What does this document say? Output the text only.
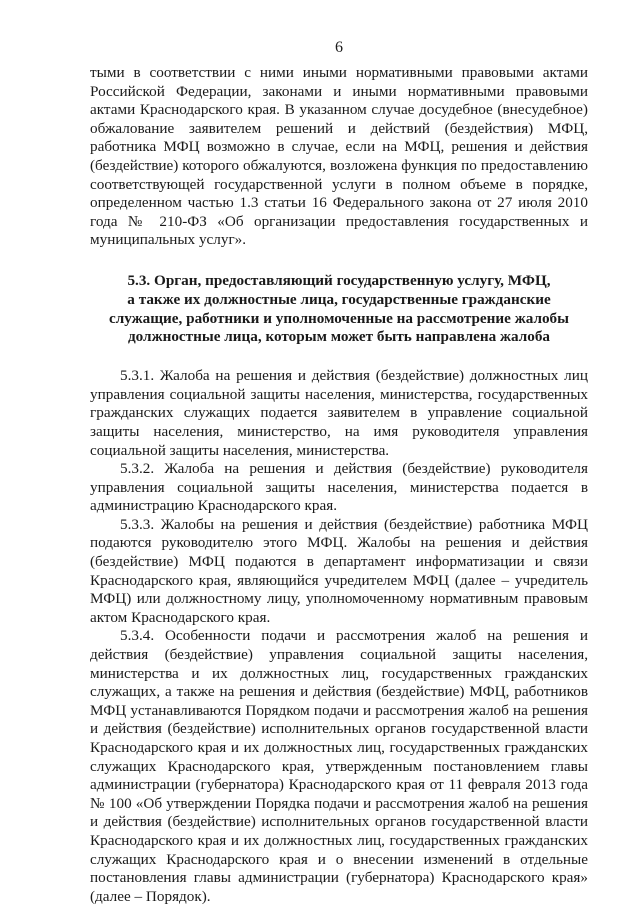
6

тыми в соответствии с ними иными нормативными правовыми актами Российской Федерации, законами и иными нормативными правовыми актами Краснодарского края. В указанном случае досудебное (внесудебное) обжалование заявителем решений и действий (бездействия) МФЦ, работника МФЦ возможно в случае, если на МФЦ, решения и действия (бездействие) которого обжалуются, возложена функция по предоставлению соответствующей государственной услуги в полном объеме в порядке, определенном частью 1.3 статьи 16 Федерального закона от 27 июля 2010 года № 210-ФЗ «Об организации предоставления государственных и муниципальных услуг».

5.3. Орган, предоставляющий государственную услугу, МФЦ,
а также их должностные лица, государственные гражданские
служащие, работники и уполномоченные на рассмотрение жалобы
должностные лица, которым может быть направлена жалоба

5.3.1. Жалоба на решения и действия (бездействие) должностных лиц управления социальной защиты населения, министерства, государственных гражданских служащих подается заявителем в управление социальной защиты населения, министерство, на имя руководителя управления социальной защиты населения, министерства.

5.3.2. Жалоба на решения и действия (бездействие) руководителя управления социальной защиты населения, министерства подается в администрацию Краснодарского края.

5.3.3. Жалобы на решения и действия (бездействие) работника МФЦ подаются руководителю этого МФЦ. Жалобы на решения и действия (бездействие) МФЦ подаются в департамент информатизации и связи Краснодарского края, являющийся учредителем МФЦ (далее – учредитель МФЦ) или должностному лицу, уполномоченному нормативным правовым актом Краснодарского края.

5.3.4. Особенности подачи и рассмотрения жалоб на решения и действия (бездействие) управления социальной защиты населения, министерства и их должностных лиц, государственных гражданских служащих, а также на решения и действия (бездействие) МФЦ, работников МФЦ устанавливаются Порядком подачи и рассмотрения жалоб на решения и действия (бездействие) исполнительных органов государственной власти Краснодарского края и их должностных лиц, государственных гражданских служащих Краснодарского края, утвержденным постановлением главы администрации (губернатора) Краснодарского края от 11 февраля 2013 года № 100 «Об утверждении Порядка подачи и рассмотрения жалоб на решения и действия (бездействие) исполнительных органов государственной власти Краснодарского края и их должностных лиц, государственных гражданских служащих Краснодарского края и о внесении изменений в отдельные постановления главы администрации (губернатора) Краснодарского края» (далее – Порядок).
